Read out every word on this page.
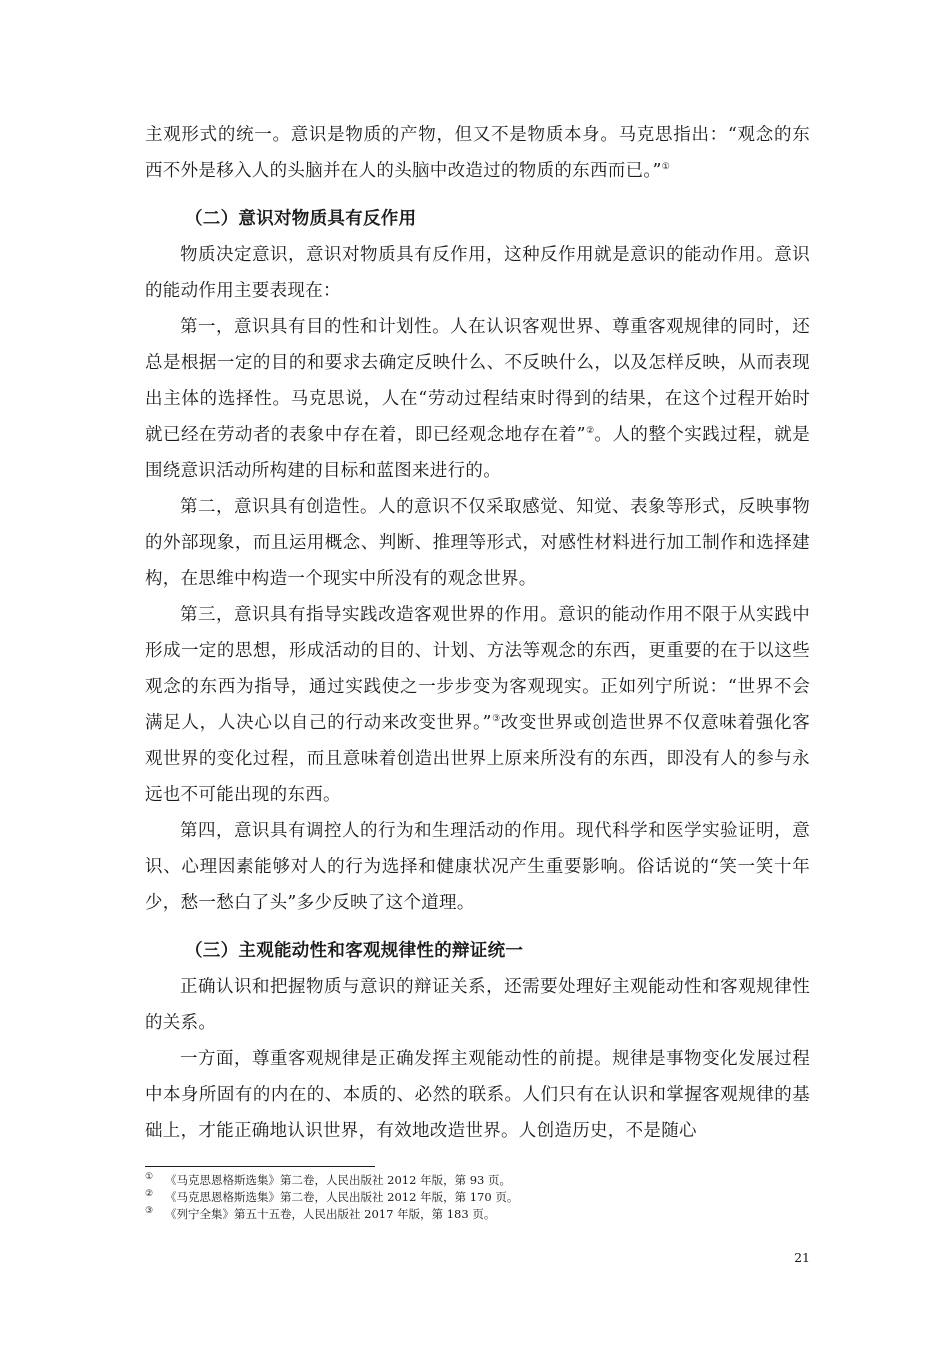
主观形式的统一。意识是物质的产物，但又不是物质本身。马克思指出：“观念的东西不外是移入人的头脑并在人的头脑中改造过的物质的东西而已。”①

（二）意识对物质具有反作用

物质决定意识，意识对物质具有反作用，这种反作用就是意识的能动作用。意识的能动作用主要表现在：

第一，意识具有目的性和计划性。人在认识客观世界、尊重客观规律的同时，还总是根据一定的目的和要求去确定反映什么、不反映什么，以及怎样反映，从而表现出主体的选择性。马克思说，人在“劳动过程结束时得到的结果，在这个过程开始时就已经在劳动者的表象中存在着，即已经观念地存在着”②。人的整个实践过程，就是围绕意识活动所构建的目标和蓝图来进行的。

第二，意识具有创造性。人的意识不仅采取感觉、知觉、表象等形式，反映事物的外部现象，而且运用概念、判断、推理等形式，对感性材料进行加工制作和选择建构，在思维中构造一个现实中所没有的观念世界。

第三，意识具有指导实践改造客观世界的作用。意识的能动作用不限于从实践中形成一定的思想，形成活动的目的、计划、方法等观念的东西，更重要的在于以这些观念的东西为指导，通过实践使之一步步变为客观现实。正如列宁所说：“世界不会满足人，人决心以自己的行动来改变世界。”③改变世界或创造世界不仅意味着强化客观世界的变化过程，而且意味着创造出世界上原来所没有的东西，即没有人的参与永远也不可能出现的东西。

第四，意识具有调控人的行为和生理活动的作用。现代科学和医学实验证明，意识、心理因素能够对人的行为选择和健康状况产生重要影响。俗话说的“笑一笑十年少，愁一愁白了头”多少反映了这个道理。

（三）主观能动性和客观规律性的辩证统一

正确认识和把握物质与意识的辩证关系，还需要处理好主观能动性和客观规律性的关系。

一方面，尊重客观规律是正确发挥主观能动性的前提。规律是事物变化发展过程中本身所固有的内在的、本质的、必然的联系。人们只有在认识和掌握客观规律的基础上，才能正确地认识世界，有效地改造世界。人创造历史，不是随心

① 《马克思恩格斯选集》第二卷，人民出版社 2012 年版，第 93 页。

② 《马克思恩格斯选集》第二卷，人民出版社 2012 年版，第 170 页。

③ 《列宁全集》第五十五卷，人民出版社 2017 年版，第 183 页。

21
